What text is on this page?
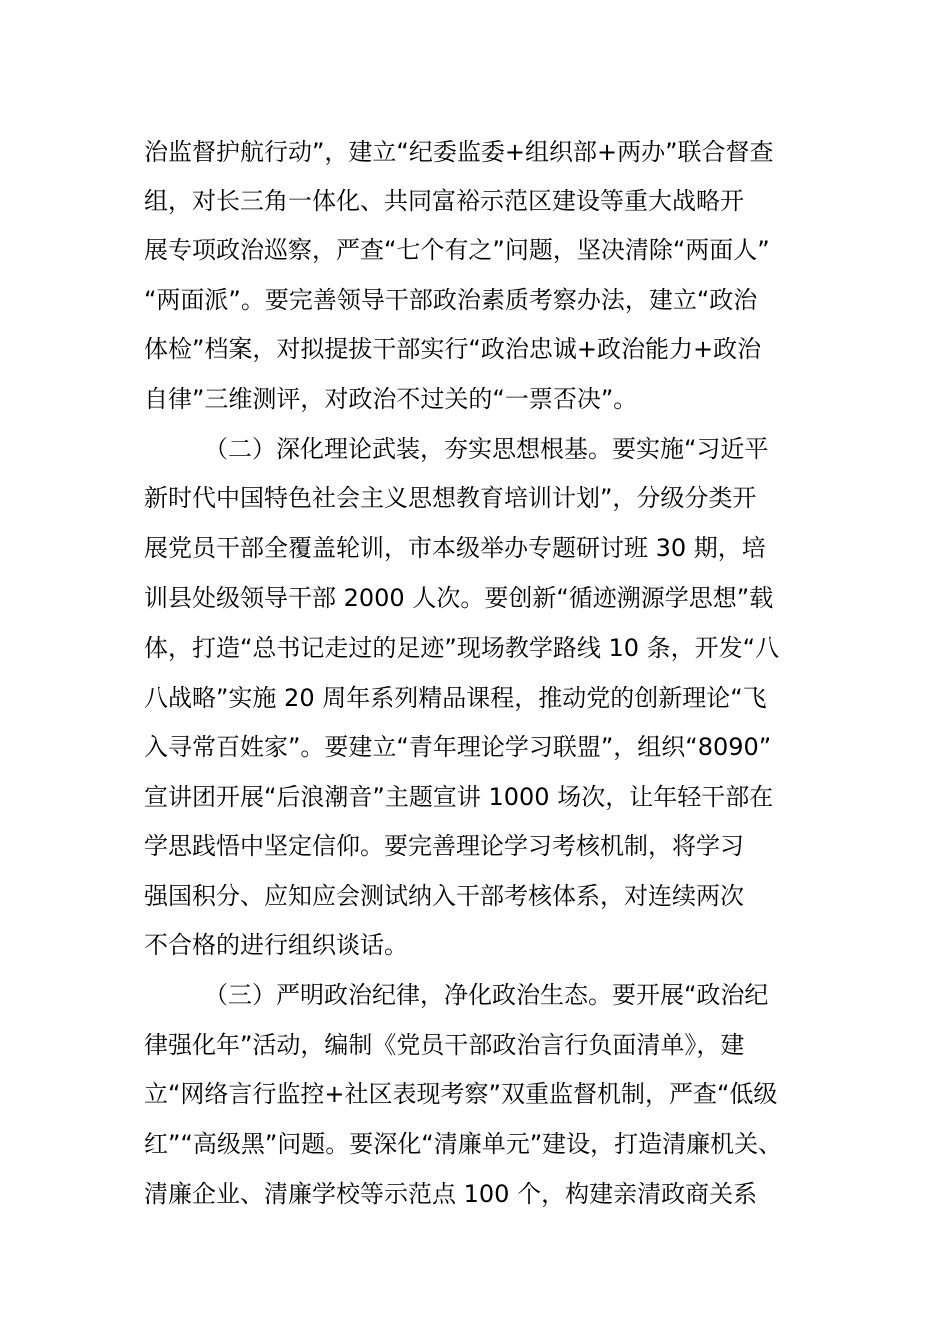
治监督护航行动”，建立“纪委监委+组织部+两办”联合督查
组，对长三角一体化、共同富裕示范区建设等重大战略开
展专项政治巡察，严查“七个有之”问题，坚决清除“两面人”
“两面派”。要完善领导干部政治素质考察办法，建立“政治
体检”档案，对拟提拔干部实行“政治忠诚+政治能力+政治
自律”三维测评，对政治不过关的“一票否决”。
（二）深化理论武装，夯实思想根基。要实施“习近平
新时代中国特色社会主义思想教育培训计划”，分级分类开
展党员干部全覆盖轮训，市本级举办专题研讨班 30 期，培
训县处级领导干部 2000 人次。要创新“循迹溯源学思想”载
体，打造“总书记走过的足迹”现场教学路线 10 条，开发“八
八战略”实施 20 周年系列精品课程，推动党的创新理论“飞
入寻常百姓家”。要建立“青年理论学习联盟”，组织“8090”
宣讲团开展“后浪潮音”主题宣讲 1000 场次，让年轻干部在
学思践悟中坚定信仰。要完善理论学习考核机制，将学习
强国积分、应知应会测试纳入干部考核体系，对连续两次
不合格的进行组织谈话。
（三）严明政治纪律，净化政治生态。要开展“政治纪
律强化年”活动，编制《党员干部政治言行负面清单》，建
立“网络言行监控+社区表现考察”双重监督机制，严查“低级
红”“高级黑”问题。要深化“清廉单元”建设，打造清廉机关、
清廉企业、清廉学校等示范点 100 个，构建亲清政商关系
